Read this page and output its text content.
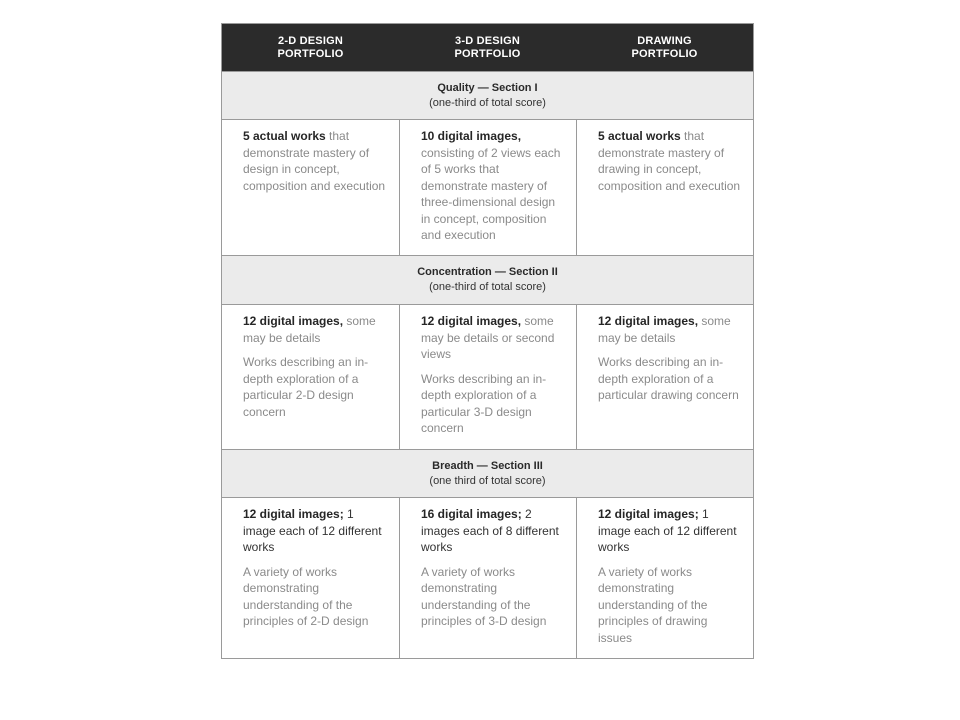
2-D DESIGN
PORTFOLIO
3-D DESIGN
PORTFOLIO
DRAWING
PORTFOLIO
Quality — Section I
(one-third of total score)

5 actual works that demonstrate mastery of design in concept, composition and execution

10 digital images, consisting of 2 views each of 5 works that demonstrate mastery of three-dimensional design in concept, composition and execution

5 actual works that demonstrate mastery of drawing in concept, composition and execution

Concentration — Section II
(one-third of total score)

12 digital images, some may be details

Works describing an in-depth exploration of a particular 2-D design concern

12 digital images, some may be details or second views

Works describing an in-depth exploration of a particular 3-D design concern

12 digital images, some may be details

Works describing an in-depth exploration of a particular drawing concern

Breadth — Section III
(one third of total score)

12 digital images; 1 image each of 12 different works

A variety of works demonstrating understanding of the principles of 2-D design

16 digital images; 2 images each of 8 different works

A variety of works demonstrating understanding of the principles of 3-D design

12 digital images; 1 image each of 12 different works

A variety of works demonstrating understanding of the principles of drawing issues
